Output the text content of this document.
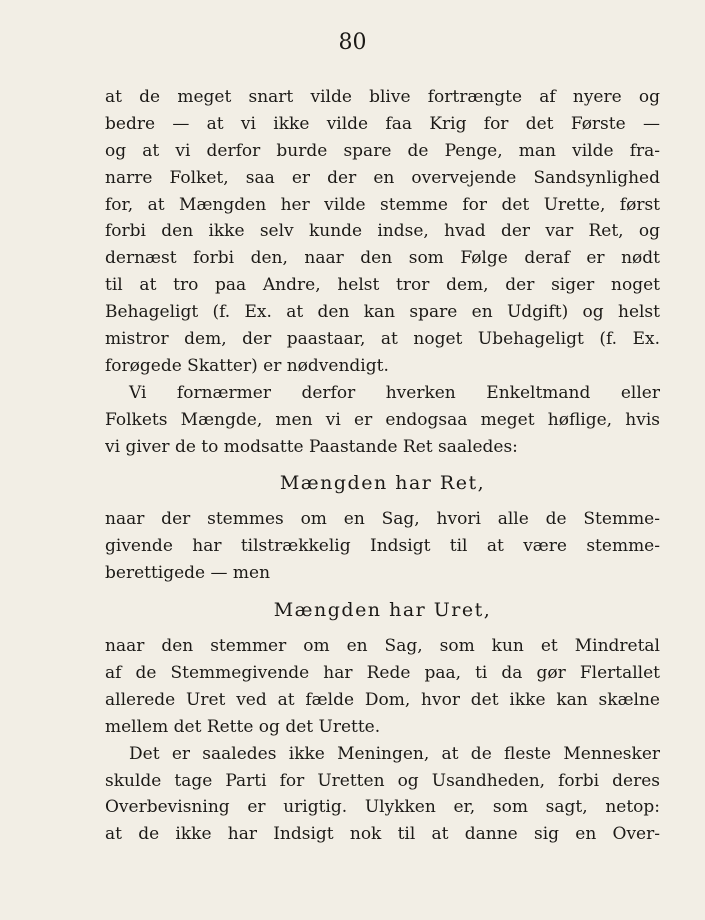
80
at de meget snart vilde blive fortrængte af nyere og
bedre — at vi ikke vilde faa Krig for det Første —
og at vi derfor burde spare de Penge, man vilde fra-
narre Folket, saa er der en overvejende Sandsynlighed
for, at Mængden her vilde stemme for det Urette, først
forbi den ikke selv kunde indse, hvad der var Ret, og
dernæst forbi den, naar den som Følge deraf er nødt
til at tro paa Andre, helst tror dem, der siger noget
Behageligt (f. Ex. at den kan spare en Udgift) og helst
mistror dem, der paastaar, at noget Ubehageligt (f. Ex.
forøgede Skatter) er nødvendigt.
Vi fornærmer derfor hverken Enkeltmand eller
Folkets Mængde, men vi er endogsaa meget høflige, hvis
vi giver de to modsatte Paastande Ret saaledes:
Mængden har Ret,
naar der stemmes om en Sag, hvori alle de Stemme-
givende har tilstrækkelig Indsigt til at være stemme-
berettigede — men
Mængden har Uret,
naar den stemmer om en Sag, som kun et Mindretal
af de Stemmegivende har Rede paa, ti da gør Flertallet
allerede Uret ved at fælde Dom, hvor det ikke kan skælne
mellem det Rette og det Urette.
Det er saaledes ikke Meningen, at de fleste Mennesker
skulde tage Parti for Uretten og Usandheden, forbi deres
Overbevisning er urigtig. Ulykken er, som sagt, netop:
at de ikke har Indsigt nok til at danne sig en Over-
